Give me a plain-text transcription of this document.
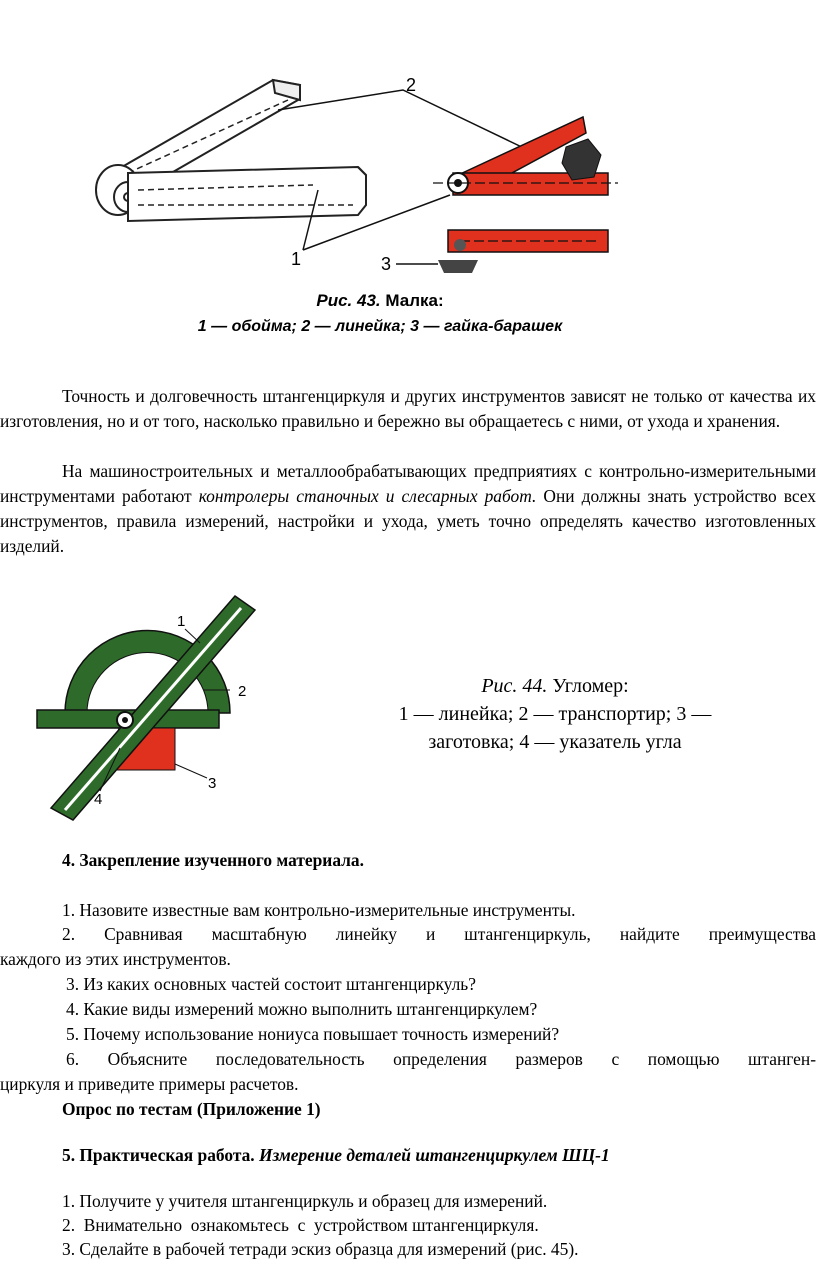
2
1	3
Рис. 43. Малка:
1 — обойма; 2 — линейка; 3 — гайка-барашек
Точность и долговечность штангенциркуля и других инструментов зависят не только от качества их изготовления, но и от того, насколько правильно и бережно вы обращаетесь с ними, от ухода и хранения.
На машиностроительных и металлообрабатывающих предприятиях с контрольно-измерительными инструментами работают контролеры станочных и слесарных работ. Они должны знать устройство всех инструментов, правила измерений, настройки и ухода, уметь точно определять качество изготовленных изделий.
1
2
3
4
Рис. 44. Угломер:
1 — линейка; 2 — транспортир; 3 —
заготовка; 4 — указатель угла
4. Закрепление изученного материала.
1. Назовите известные вам контрольно-измерительные инструменты.
2. Сравнивая масштабную линейку и штангенциркуль, найдите преимущества
каждого из этих инструментов.
3. Из каких основных частей состоит штангенциркуль?
4. Какие виды измерений можно выполнить штангенциркулем?
5. Почему использование нониуса повышает точность измерений?
6. Объясните последовательность определения размеров с помощью штанген-
циркуля и приведите примеры расчетов.
Опрос по тестам (Приложение 1)
5. Практическая работа. Измерение деталей штангенциркулем ШЦ-1
1. Получите у учителя штангенциркуль и образец для измерений.
2.  Внимательно  ознакомьтесь  с  устройством штангенциркуля.
3. Сделайте в рабочей тетради эскиз образца для измерений (рис. 45).
